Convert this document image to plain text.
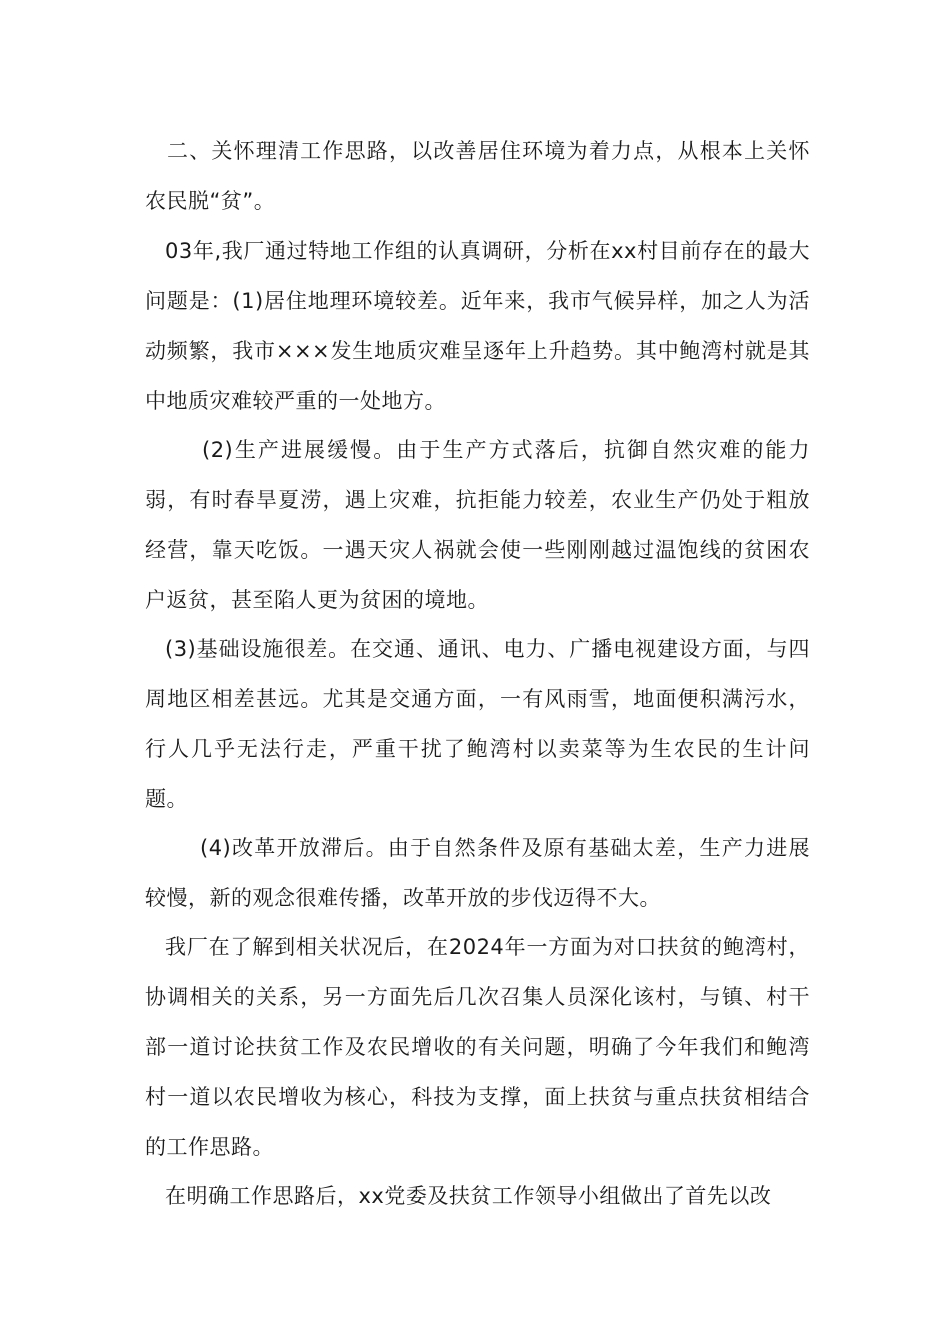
二、关怀理清工作思路，以改善居住环境为着力点，从根本上关怀农民脱“贫”。

03年,我厂通过特地工作组的认真调研，分析在xx村目前存在的最大问题是：(1)居住地理环境较差。近年来，我市气候异样，加之人为活动频繁，我市×××发生地质灾难呈逐年上升趋势。其中鲍湾村就是其中地质灾难较严重的一处地方。

(2)生产进展缓慢。由于生产方式落后，抗御自然灾难的能力弱，有时春旱夏涝，遇上灾难，抗拒能力较差，农业生产仍处于粗放经营，靠天吃饭。一遇天灾人祸就会使一些刚刚越过温饱线的贫困农户返贫，甚至陷人更为贫困的境地。

(3)基础设施很差。在交通、通讯、电力、广播电视建设方面，与四周地区相差甚远。尤其是交通方面，一有风雨雪，地面便积满污水，行人几乎无法行走，严重干扰了鲍湾村以卖菜等为生农民的生计问题。

(4)改革开放滞后。由于自然条件及原有基础太差，生产力进展较慢，新的观念很难传播，改革开放的步伐迈得不大。

我厂在了解到相关状况后，在2024年一方面为对口扶贫的鲍湾村，协调相关的关系，另一方面先后几次召集人员深化该村，与镇、村干部一道讨论扶贫工作及农民增收的有关问题，明确了今年我们和鲍湾村一道以农民增收为核心，科技为支撑，面上扶贫与重点扶贫相结合的工作思路。

在明确工作思路后，xx党委及扶贫工作领导小组做出了首先以改
